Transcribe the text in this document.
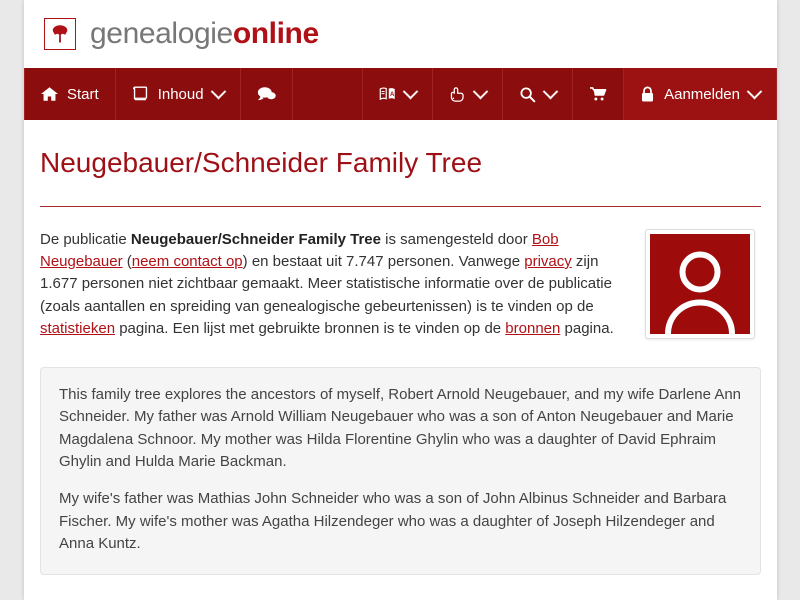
genealogieonline
Start	Inhoud	A	Aanmelden
Neugebauer/Schneider Family Tree

De publicatie Neugebauer/Schneider Family Tree is samengesteld door Bob Neugebauer (neem contact op) en bestaat uit 7.747 personen. Vanwege privacy zijn 1.677 personen niet zichtbaar gemaakt. Meer statistische informatie over de publicatie (zoals aantallen en spreiding van genealogische gebeurtenissen) is te vinden op de statistieken pagina. Een lijst met gebruikte bronnen is te vinden op de bronnen pagina.

This family tree explores the ancestors of myself, Robert Arnold Neugebauer, and my wife Darlene Ann Schneider. My father was Arnold William Neugebauer who was a son of Anton Neugebauer and Marie Magdalena Schnoor. My mother was Hilda Florentine Ghylin who was a daughter of David Ephraim Ghylin and Hulda Marie Backman.

My wife's father was Mathias John Schneider who was a son of John Albinus Schneider and Barbara Fischer. My wife's mother was Agatha Hilzendeger who was a daughter of Joseph Hilzendeger and Anna Kuntz.
